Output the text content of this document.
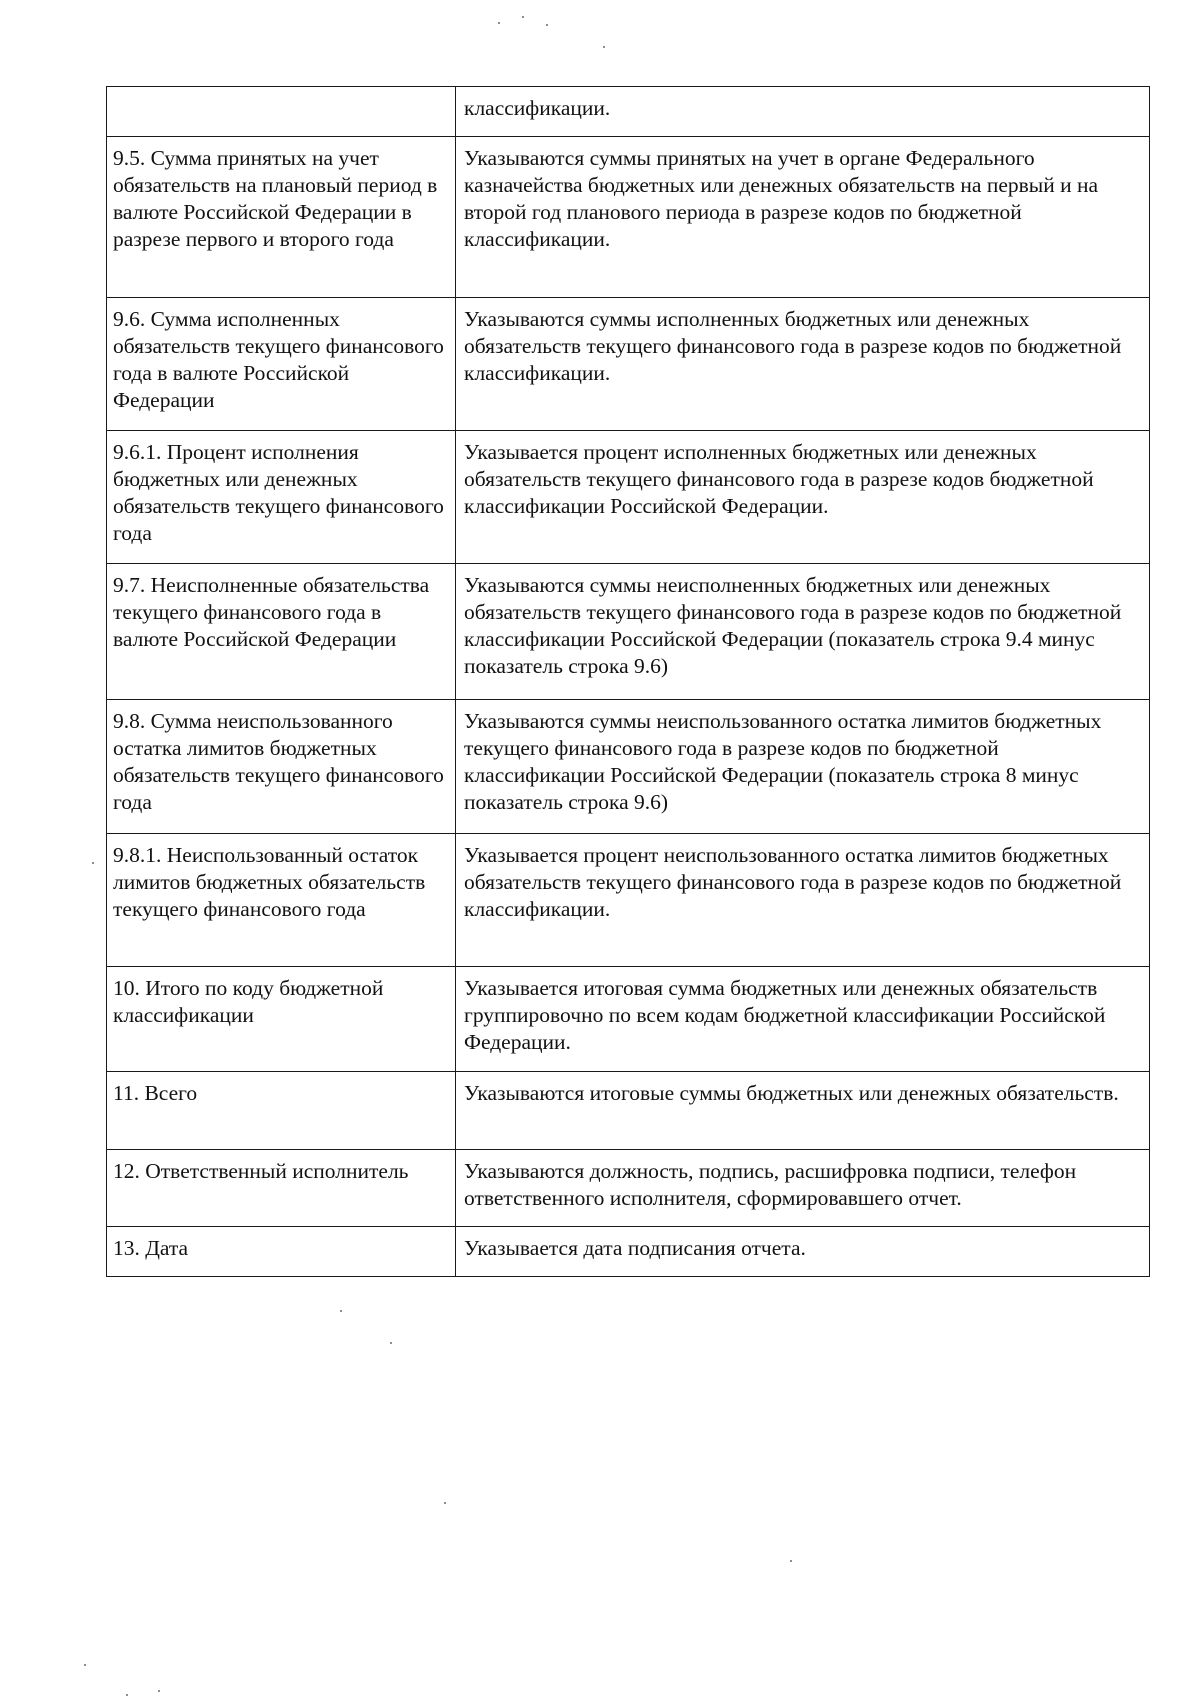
	классификации.
9.5. Сумма принятых на учет обязательств на плановый период в валюте Российской Федерации в разрезе первого и второго года	Указываются суммы принятых на учет в органе Федерального казначейства бюджетных или денежных обязательств на первый и на второй год планового периода в разрезе кодов по бюджетной классификации.
9.6. Сумма исполненных обязательств текущего финансового года в валюте Российской Федерации	Указываются суммы исполненных бюджетных или денежных обязательств текущего финансового года в разрезе кодов по бюджетной классификации.
9.6.1. Процент исполнения бюджетных или денежных обязательств текущего финансового года	Указывается процент исполненных бюджетных или денежных обязательств текущего финансового года в разрезе кодов бюджетной классификации Российской Федерации.
9.7. Неисполненные обязательства текущего финансового года в валюте Российской Федерации	Указываются суммы неисполненных бюджетных или денежных обязательств текущего финансового года в разрезе кодов по бюджетной классификации Российской Федерации (показатель строка 9.4 минус показатель строка 9.6)
9.8. Сумма неиспользованного остатка лимитов бюджетных обязательств текущего финансового года	Указываются суммы неиспользованного остатка лимитов бюджетных текущего финансового года в разрезе кодов по бюджетной классификации Российской Федерации (показатель строка 8 минус показатель строка 9.6)
9.8.1. Неиспользованный остаток лимитов бюджетных обязательств текущего финансового года	Указывается процент неиспользованного остатка лимитов бюджетных обязательств текущего финансового года в разрезе кодов по бюджетной классификации.
10. Итого по коду бюджетной классификации	Указывается итоговая сумма бюджетных или денежных обязательств группировочно по всем кодам бюджетной классификации Российской Федерации.
11. Всего	Указываются итоговые суммы бюджетных или денежных обязательств.
12. Ответственный исполнитель	Указываются должность, подпись, расшифровка подписи, телефон ответственного исполнителя, сформировавшего отчет.
13. Дата	Указывается дата подписания отчета.
